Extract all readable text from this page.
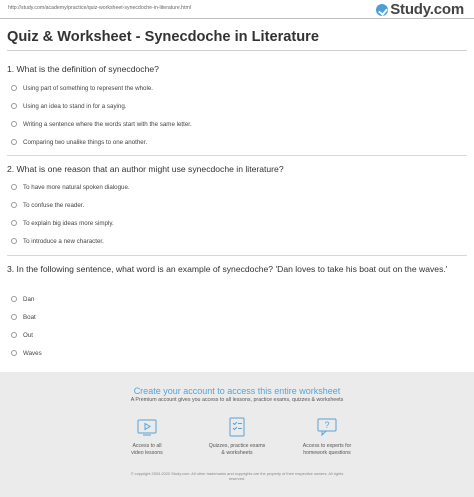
http://study.com/academy/practice/quiz-worksheet-synecdoche-in-literature.html	Study.com
Quiz & Worksheet - Synecdoche in Literature
1. What is the definition of synecdoche?
Using part of something to represent the whole.
Using an idea to stand in for a saying.
Writing a sentence where the words start with the same letter.
Comparing two unalike things to one another.
2. What is one reason that an author might use synecdoche in literature?
To have more natural spoken dialogue.
To confuse the reader.
To explain big ideas more simply.
To introduce a new character.
3. In the following sentence, what word is an example of synecdoche? 'Dan loves to take his boat out on the waves.'
Dan
Boat
Out
Waves
Create your account to access this entire worksheet
A Premium account gives you access to all lessons, practice exams, quizzes & worksheets
Access to all
video lessons
Quizzes, practice exams
& worksheets
?
Access to experts for
homework questions
© copyright 2003-2020 Study.com. All other trademarks and copyrights are the property of their respective owners. All rights
reserved.
